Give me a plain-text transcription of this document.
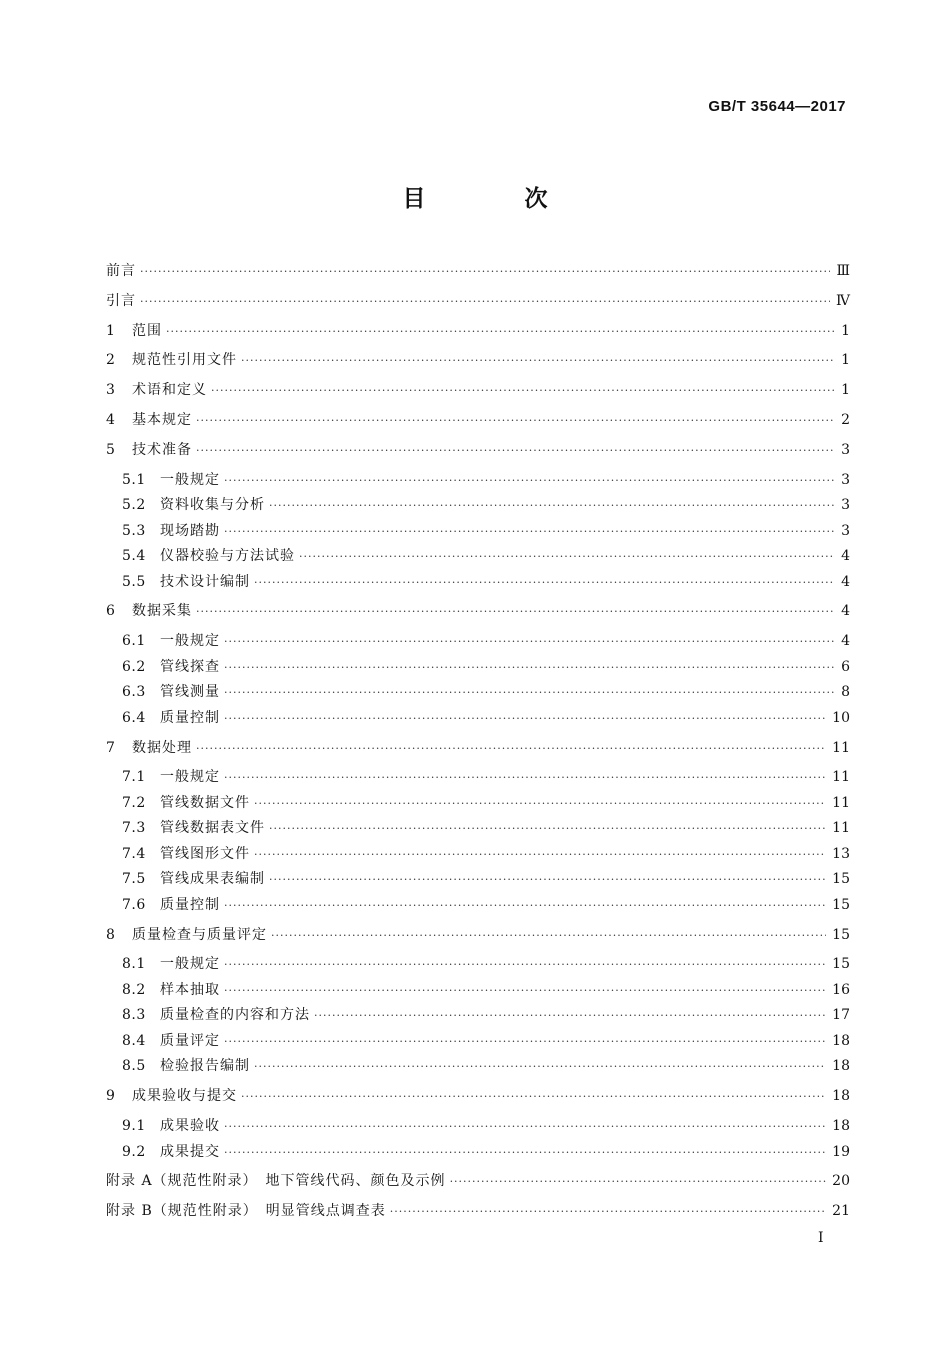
GB/T 35644—2017
目　次
前言 ·····	Ⅲ
引言 ·····	Ⅳ
1 范围 ·····	1
2 规范性引用文件 ·····	1
3 术语和定义 ·····	1
4 基本规定 ·····	2
5 技术准备 ·····	3
5.1 一般规定 ·····	3
5.2 资料收集与分析 ·····	3
5.3 现场踏勘 ·····	3
5.4 仪器校验与方法试验 ·····	4
5.5 技术设计编制 ·····	4
6 数据采集 ·····	4
6.1 一般规定 ·····	4
6.2 管线探查 ·····	6
6.3 管线测量 ·····	8
6.4 质量控制 ·····	10
7 数据处理 ·····	11
7.1 一般规定 ·····	11
7.2 管线数据文件 ·····	11
7.3 管线数据表文件 ·····	11
7.4 管线图形文件 ·····	13
7.5 管线成果表编制 ·····	15
7.6 质量控制 ·····	15
8 质量检查与质量评定 ·····	15
8.1 一般规定 ·····	15
8.2 样本抽取 ·····	16
8.3 质量检查的内容和方法 ·····	17
8.4 质量评定 ·····	18
8.5 检验报告编制 ·····	18
9 成果验收与提交 ·····	18
9.1 成果验收 ·····	18
9.2 成果提交 ·····	19
附录 A（规范性附录）　地下管线代码、颜色及示例 ·····	20
附录 B（规范性附录）　明显管线点调查表 ·····	21
Ⅰ
